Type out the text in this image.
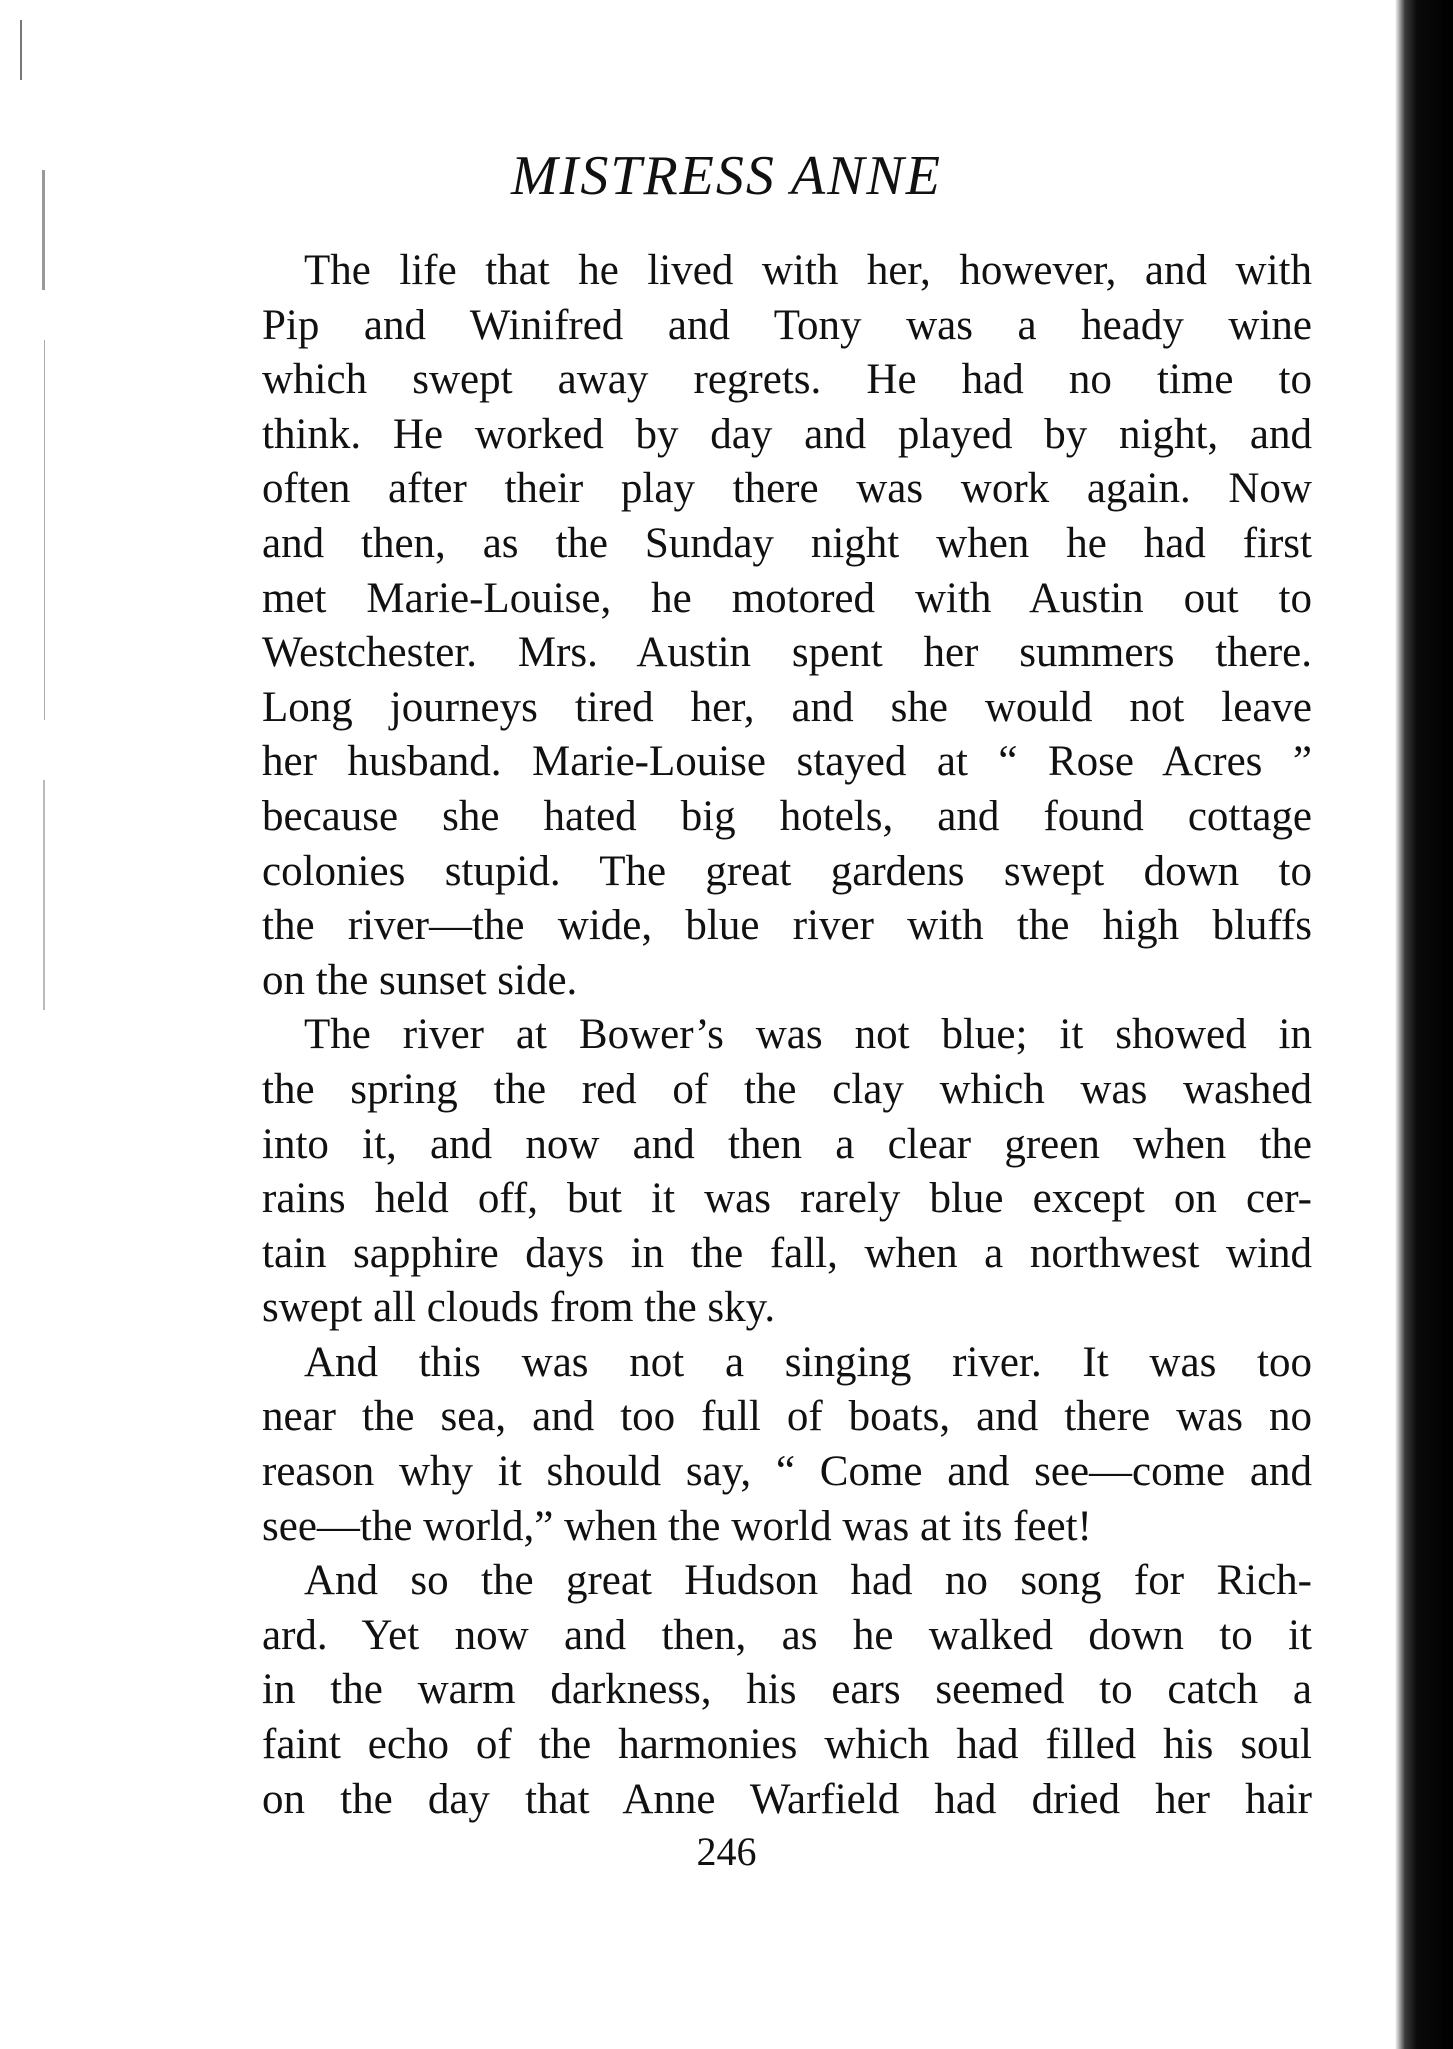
MISTRESS ANNE
The life that he lived with her, however, and with
Pip and Winifred and Tony was a heady wine
which swept away regrets. He had no time to
think. He worked by day and played by night, and
often after their play there was work again. Now
and then, as the Sunday night when he had first
met Marie-Louise, he motored with Austin out to
Westchester. Mrs. Austin spent her summers there.
Long journeys tired her, and she would not leave
her husband. Marie-Louise stayed at “ Rose Acres ”
because she hated big hotels, and found cottage
colonies stupid. The great gardens swept down to
the river—the wide, blue river with the high bluffs
on the sunset side.
The river at Bower’s was not blue; it showed in
the spring the red of the clay which was washed
into it, and now and then a clear green when the
rains held off, but it was rarely blue except on cer-
tain sapphire days in the fall, when a northwest wind
swept all clouds from the sky.
And this was not a singing river. It was too
near the sea, and too full of boats, and there was no
reason why it should say, “ Come and see—come and
see—the world,” when the world was at its feet!
And so the great Hudson had no song for Rich-
ard. Yet now and then, as he walked down to it
in the warm darkness, his ears seemed to catch a
faint echo of the harmonies which had filled his soul
on the day that Anne Warfield had dried her hair
246
